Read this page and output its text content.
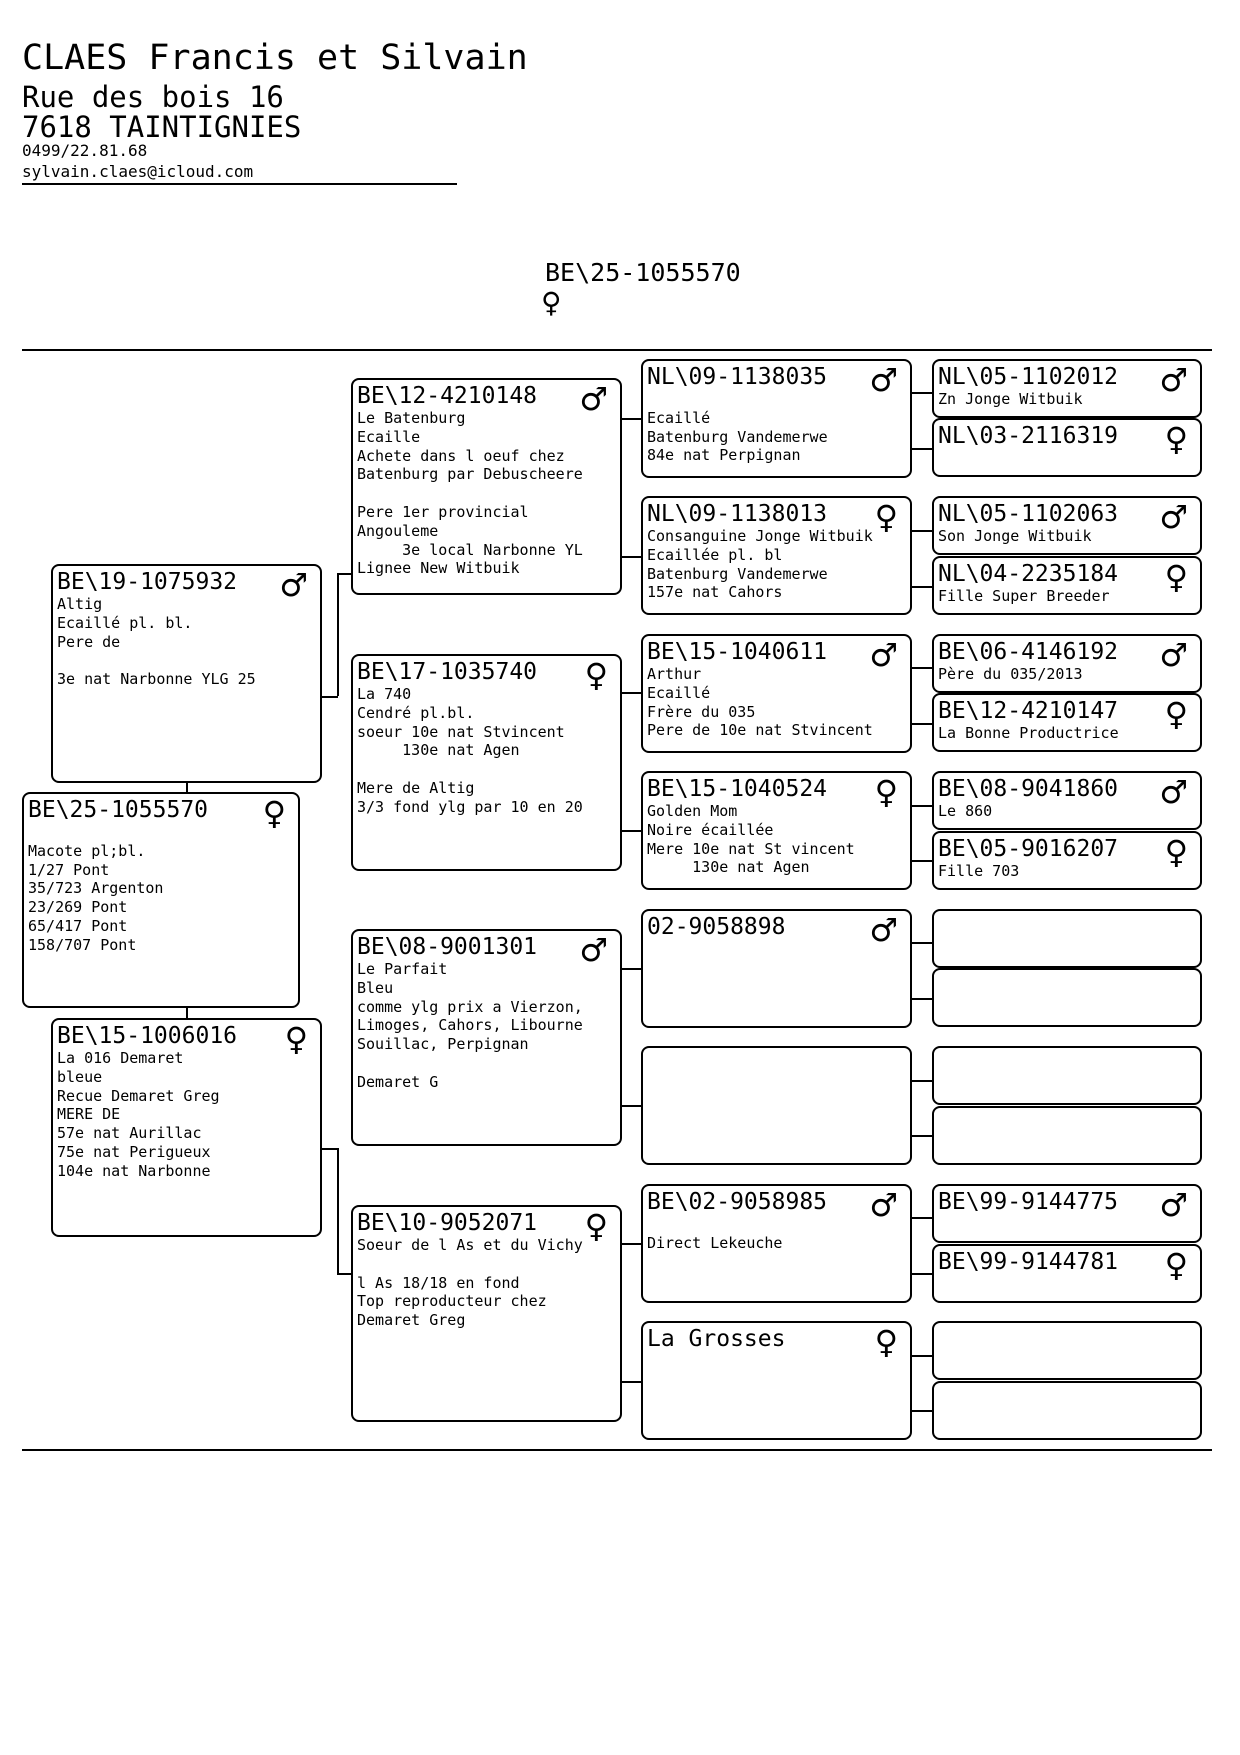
CLAES Francis et Silvain
Rue des bois 16
7618 TAINTIGNIES
0499/22.81.68
sylvain.claes@icloud.com
BE\25-1055570
♀
BE\25-1055570	♀

Macote pl;bl.
1/27 Pont
35/723 Argenton
23/269 Pont
65/417 Pont
158/707 Pont
BE\19-1075932	♂
Altig
Ecaillé pl. bl.
Pere de

3e nat Narbonne YLG 25
BE\15-1006016	♀
La 016 Demaret
bleue
Recue Demaret Greg
MERE DE
57e nat Aurillac
75e nat Perigueux
104e nat Narbonne
BE\12-4210148	♂
Le Batenburg
Ecaille
Achete dans l oeuf chez
Batenburg par Debuscheere

Pere 1er provincial
Angouleme
3e local Narbonne YL
Lignee New Witbuik
BE\17-1035740	♀
La 740
Cendré pl.bl.
soeur 10e nat Stvincent
130e nat Agen

Mere de Altig
3/3 fond ylg par 10 en 20
BE\08-9001301	♂
Le Parfait
Bleu
comme ylg prix a Vierzon,
Limoges, Cahors, Libourne
Souillac, Perpignan

Demaret G
BE\10-9052071	♀
Soeur de l As et du Vichy

l As 18/18 en fond
Top reproducteur chez
Demaret Greg
NL\09-1138035	♂

Ecaillé
Batenburg Vandemerwe
84e nat Perpignan
NL\09-1138013	♀
Consanguine Jonge Witbuik
Ecaillée pl. bl
Batenburg Vandemerwe
157e nat Cahors
BE\15-1040611	♂
Arthur
Ecaillé
Frère du 035
Pere de 10e nat Stvincent
BE\15-1040524	♀
Golden Mom
Noire écaillée
Mere 10e nat St vincent
130e nat Agen
02-9058898	♂
BE\02-9058985	♂

Direct Lekeuche
La Grosses	♀
NL\05-1102012	♂
Zn Jonge Witbuik
NL\03-2116319	♀
NL\05-1102063	♂
Son Jonge Witbuik
NL\04-2235184	♀
Fille Super Breeder
BE\06-4146192	♂
Père du 035/2013
BE\12-4210147	♀
La Bonne Productrice
BE\08-9041860	♂
Le 860
BE\05-9016207	♀
Fille 703
BE\99-9144775	♂
BE\99-9144781	♀
